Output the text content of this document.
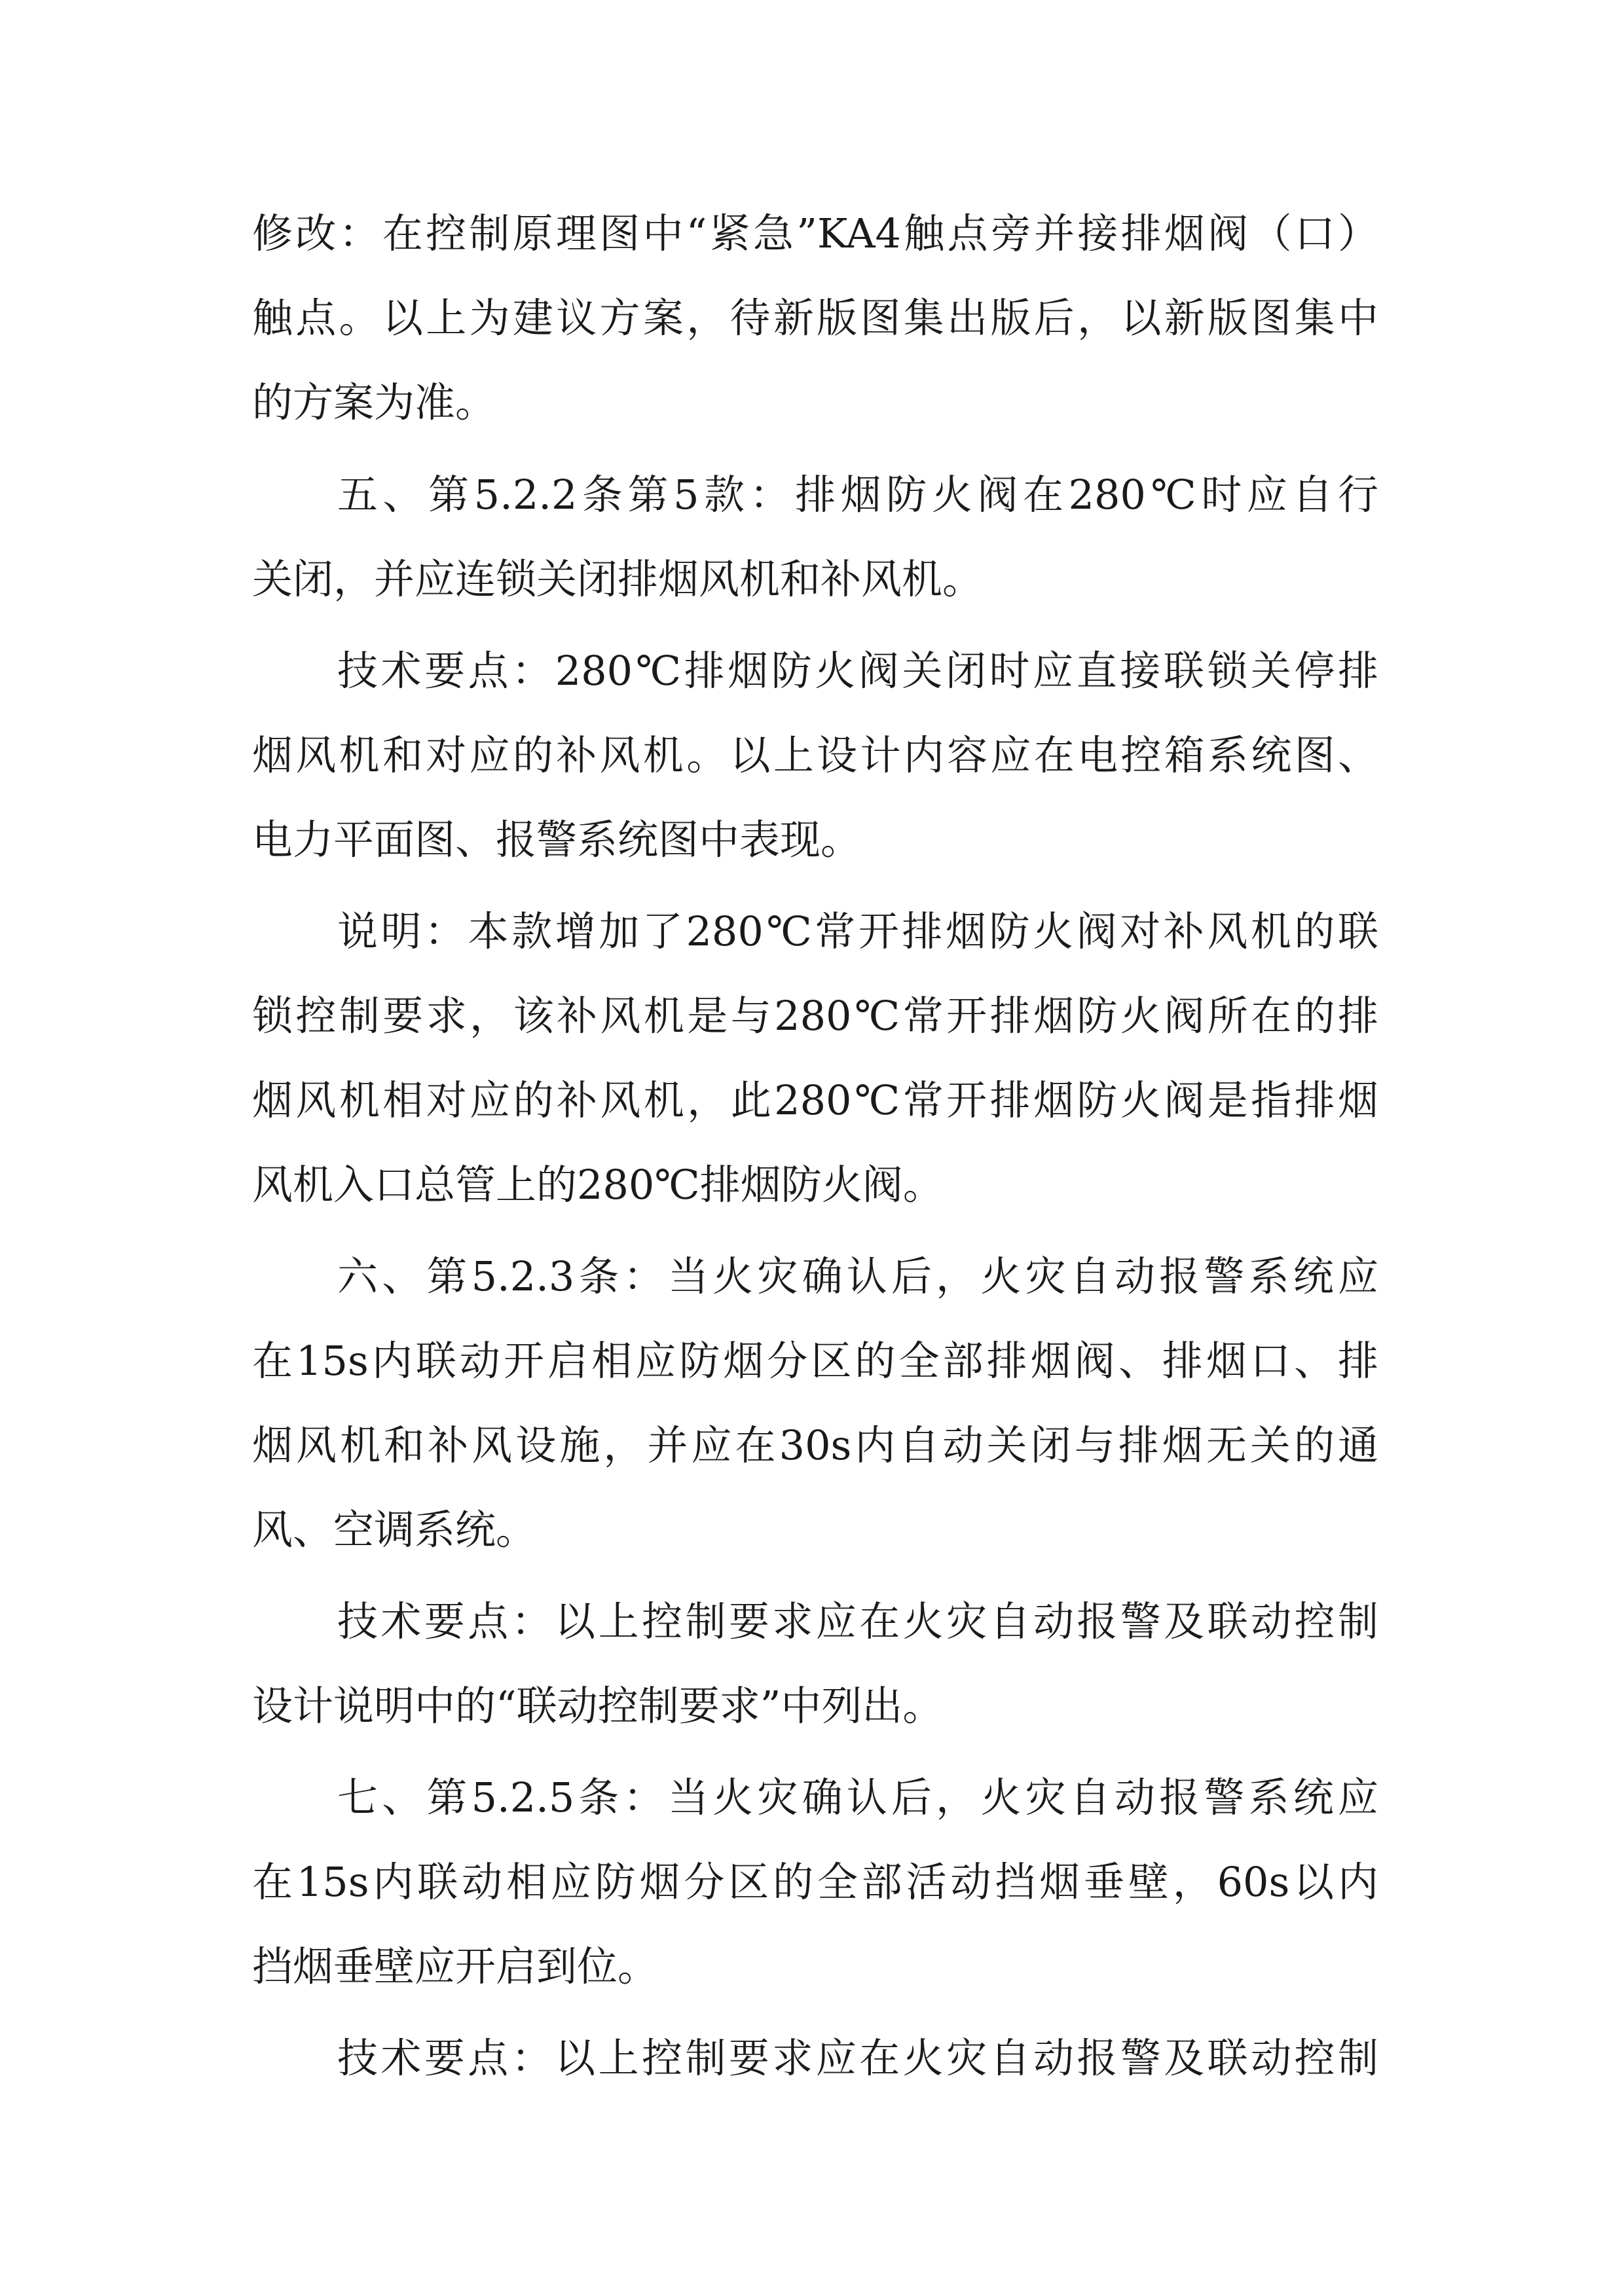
修改：在控制原理图中“紧急”KA4触点旁并接排烟阀（口）

触点。以上为建议方案，待新版图集出版后，以新版图集中

的方案为准。

五、第5.2.2条第5款：排烟防火阀在280℃时应自行

关闭，并应连锁关闭排烟风机和补风机。

技术要点：280℃排烟防火阀关闭时应直接联锁关停排

烟风机和对应的补风机。以上设计内容应在电控箱系统图、

电力平面图、报警系统图中表现。

说明：本款增加了280℃常开排烟防火阀对补风机的联

锁控制要求，该补风机是与280℃常开排烟防火阀所在的排

烟风机相对应的补风机，此280℃常开排烟防火阀是指排烟

风机入口总管上的280℃排烟防火阀。

六、第5.2.3条：当火灾确认后，火灾自动报警系统应

在15s内联动开启相应防烟分区的全部排烟阀、排烟口、排

烟风机和补风设施，并应在30s内自动关闭与排烟无关的通

风、空调系统。

技术要点：以上控制要求应在火灾自动报警及联动控制

设计说明中的“联动控制要求”中列出。

七、第5.2.5条：当火灾确认后，火灾自动报警系统应

在15s内联动相应防烟分区的全部活动挡烟垂壁，60s以内

挡烟垂壁应开启到位。

技术要点：以上控制要求应在火灾自动报警及联动控制
